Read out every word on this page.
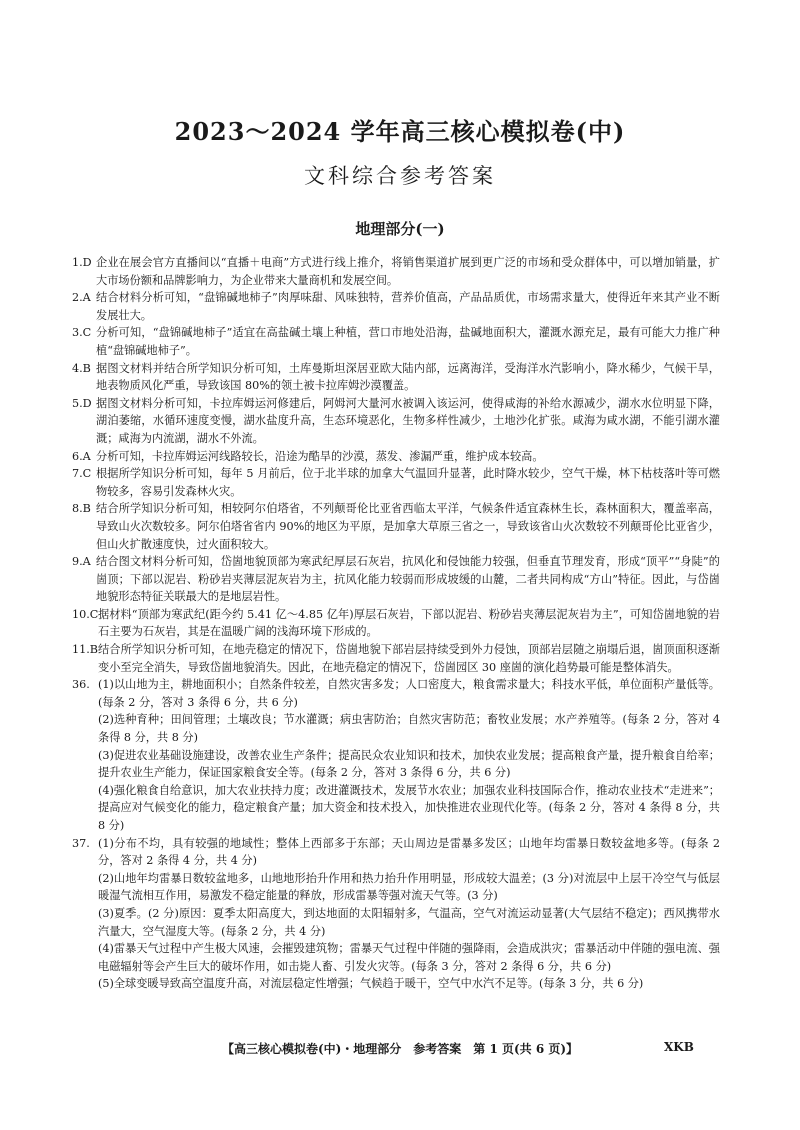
2023～2024 学年高三核心模拟卷(中)
文科综合参考答案
地理部分(一)
1.D 企业在展会官方直播间以“直播＋电商”方式进行线上推介，将销售渠道扩展到更广泛的市场和受众群体中，可以增加销量，扩大市场份额和品牌影响力，为企业带来大量商机和发展空间。
2.A 结合材料分析可知，“盘锦碱地柿子”肉厚味甜、风味独特，营养价值高，产品品质优，市场需求量大，使得近年来其产业不断发展壮大。
3.C 分析可知，“盘锦碱地柿子”适宜在高盐碱土壤上种植，营口市地处沿海，盐碱地面积大，灌溉水源充足，最有可能大力推广种植“盘锦碱地柿子”。
4.B 据图文材料并结合所学知识分析可知，土库曼斯坦深居亚欧大陆内部，远离海洋，受海洋水汽影响小，降水稀少，气候干旱，地表物质风化严重，导致该国 80%的领土被卡拉库姆沙漠覆盖。
5.D 据图文材料分析可知，卡拉库姆运河修建后，阿姆河大量河水被调入该运河，使得咸海的补给水源减少，湖水水位明显下降，湖泊萎缩，水循环速度变慢，湖水盐度升高，生态环境恶化，生物多样性减少，土地沙化扩张。咸海为咸水湖，不能引湖水灌溉；咸海为内流湖，湖水不外流。
6.A 分析可知，卡拉库姆运河线路较长，沿途为酷旱的沙漠，蒸发、渗漏严重，维护成本较高。
7.C 根据所学知识分析可知，每年 5 月前后，位于北半球的加拿大气温回升显著，此时降水较少，空气干燥，林下枯枝落叶等可燃物较多，容易引发森林火灾。
8.B 结合所学知识分析可知，相较阿尔伯塔省，不列颠哥伦比亚省西临太平洋，气候条件适宜森林生长，森林面积大，覆盖率高，导致山火次数较多。阿尔伯塔省省内 90%的地区为平原，是加拿大草原三省之一，导致该省山火次数较不列颠哥伦比亚省少，但山火扩散速度快，过火面积较大。
9.A 结合图文材料分析可知，岱崮地貌顶部为寒武纪厚层石灰岩，抗风化和侵蚀能力较强，但垂直节理发育，形成“顶平”“身陡”的崮顶；下部以泥岩、粉砂岩夹薄层泥灰岩为主，抗风化能力较弱而形成坡缓的山麓，二者共同构成“方山”特征。因此，与岱崮地貌形态特征关联最大的是地层岩性。
10.C 据材料“顶部为寒武纪(距今约 5.41 亿～4.85 亿年)厚层石灰岩，下部以泥岩、粉砂岩夹薄层泥灰岩为主”，可知岱崮地貌的岩石主要为石灰岩，其是在温暖广阔的浅海环境下形成的。
11.B 结合所学知识分析可知，在地壳稳定的情况下，岱崮地貌下部岩层持续受到外力侵蚀，顶部岩层随之崩塌后退，崮顶面积逐渐变小至完全消失，导致岱崮地貌消失。因此，在地壳稳定的情况下，岱崮园区 30 座崮的演化趋势最可能是整体消失。
36. (1)以山地为主，耕地面积小；自然条件较差，自然灾害多发；人口密度大，粮食需求量大；科技水平低，单位面积产量低等。(每条 2 分，答对 3 条得 6 分，共 6 分)
(2)选种育种；田间管理；土壤改良；节水灌溉；病虫害防治；自然灾害防范；畜牧业发展；水产养殖等。(每条 2 分，答对 4 条得 8 分，共 8 分)
(3)促进农业基础设施建设，改善农业生产条件；提高民众农业知识和技术，加快农业发展；提高粮食产量，提升粮食自给率；提升农业生产能力，保证国家粮食安全等。(每条 2 分，答对 3 条得 6 分，共 6 分)
(4)强化粮食自给意识，加大农业扶持力度；改进灌溉技术，发展节水农业；加强农业科技国际合作，推动农业技术“走进来”；提高应对气候变化的能力，稳定粮食产量；加大资金和技术投入，加快推进农业现代化等。(每条 2 分，答对 4 条得 8 分，共 8 分)
37. (1)分布不均，具有较强的地域性；整体上西部多于东部；天山周边是雷暴多发区；山地年均雷暴日数较盆地多等。(每条 2 分，答对 2 条得 4 分，共 4 分)
(2)山地年均雷暴日数较盆地多，山地地形抬升作用和热力抬升作用明显，形成较大温差；(3 分)对流层中上层干冷空气与低层暖湿气流相互作用，易激发不稳定能量的释放，形成雷暴等强对流天气等。(3 分)
(3)夏季。(2 分)原因：夏季太阳高度大，到达地面的太阳辐射多，气温高，空气对流运动显著(大气层结不稳定)；西风携带水汽量大，空气湿度大等。(每条 2 分，共 4 分)
(4)雷暴天气过程中产生极大风速，会摧毁建筑物；雷暴天气过程中伴随的强降雨，会造成洪灾；雷暴活动中伴随的强电流、强电磁辐射等会产生巨大的破坏作用，如击毙人畜、引发火灾等。(每条 3 分，答对 2 条得 6 分，共 6 分)
(5)全球变暖导致高空温度升高，对流层稳定性增强；气候趋于暖干，空气中水汽不足等。(每条 3 分，共 6 分)
【高三核心模拟卷(中)・地理部分　参考答案　第 1 页(共 6 页)】	XKB
